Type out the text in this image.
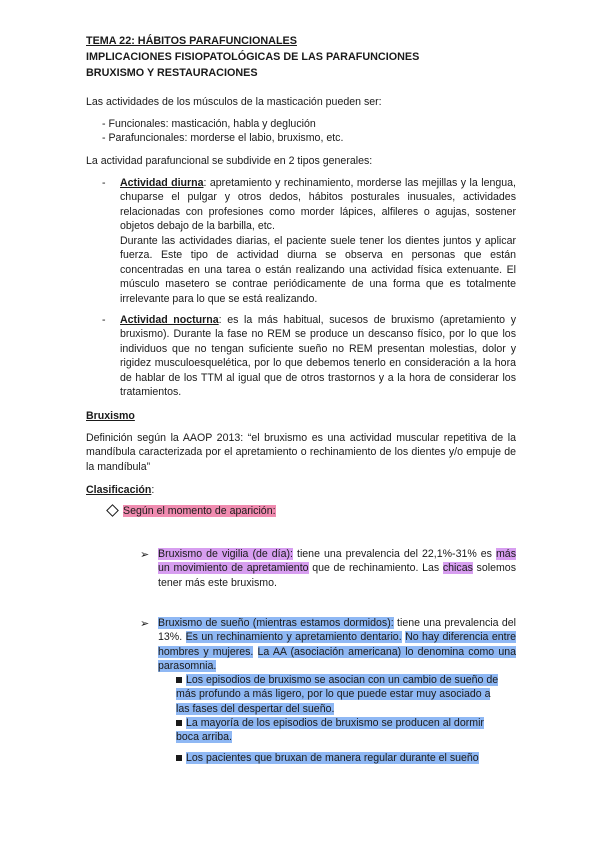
TEMA 22: HÁBITOS PARAFUNCIONALES

IMPLICACIONES FISIOPATOLÓGICAS DE LAS PARAFUNCIONES

BRUXISMO Y RESTAURACIONES

Las actividades de los músculos de la masticación pueden ser:

- Funcionales: masticación, habla y deglución

- Parafuncionales: morderse el labio, bruxismo, etc.

La actividad parafuncional se subdivide en 2 tipos generales:

- Actividad diurna: apretamiento y rechinamiento, morderse las mejillas y la lengua, chuparse el pulgar y otros dedos, hábitos posturales inusuales, actividades relacionadas con profesiones como morder lápices, alfileres o agujas, sostener objetos debajo de la barbilla, etc.

Durante las actividades diarias, el paciente suele tener los dientes juntos y aplicar fuerza. Este tipo de actividad diurna se observa en personas que están concentradas en una tarea o están realizando una actividad física extenuante. El músculo masetero se contrae periódicamente de una forma que es totalmente irrelevante para lo que se está realizando.

- Actividad nocturna: es la más habitual, sucesos de bruxismo (apretamiento y bruxismo). Durante la fase no REM se produce un descanso físico, por lo que los individuos que no tengan suficiente sueño no REM presentan molestias, dolor y rigidez musculoesquelética, por lo que debemos tenerlo en consideración a la hora de hablar de los TTM al igual que de otros trastornos y a la hora de considerar los tratamientos.

Bruxismo

Definición según la AAOP 2013: “el bruxismo es una actividad muscular repetitiva de la mandíbula caracterizada por el apretamiento o rechinamiento de los dientes y/o empuje de la mandíbula”

Clasificación:

Según el momento de aparición:

➢ Bruxismo de vigilia (de día): tiene una prevalencia del 22,1%-31% es más un movimiento de apretamiento que de rechinamiento. Las chicas solemos tener más este bruxismo.

➢ Bruxismo de sueño (mientras estamos dormidos): tiene una prevalencia del 13%. Es un rechinamiento y apretamiento dentario. No hay diferencia entre hombres y mujeres. La AA (asociación americana) lo denomina como una parasomnia.

Los episodios de bruxismo se asocian con un cambio de sueño de más profundo a más ligero, por lo que puede estar muy asociado a las fases del despertar del sueño.

La mayoría de los episodios de bruxismo se producen al dormir boca arriba.

Los pacientes que bruxan de manera regular durante el sueño
